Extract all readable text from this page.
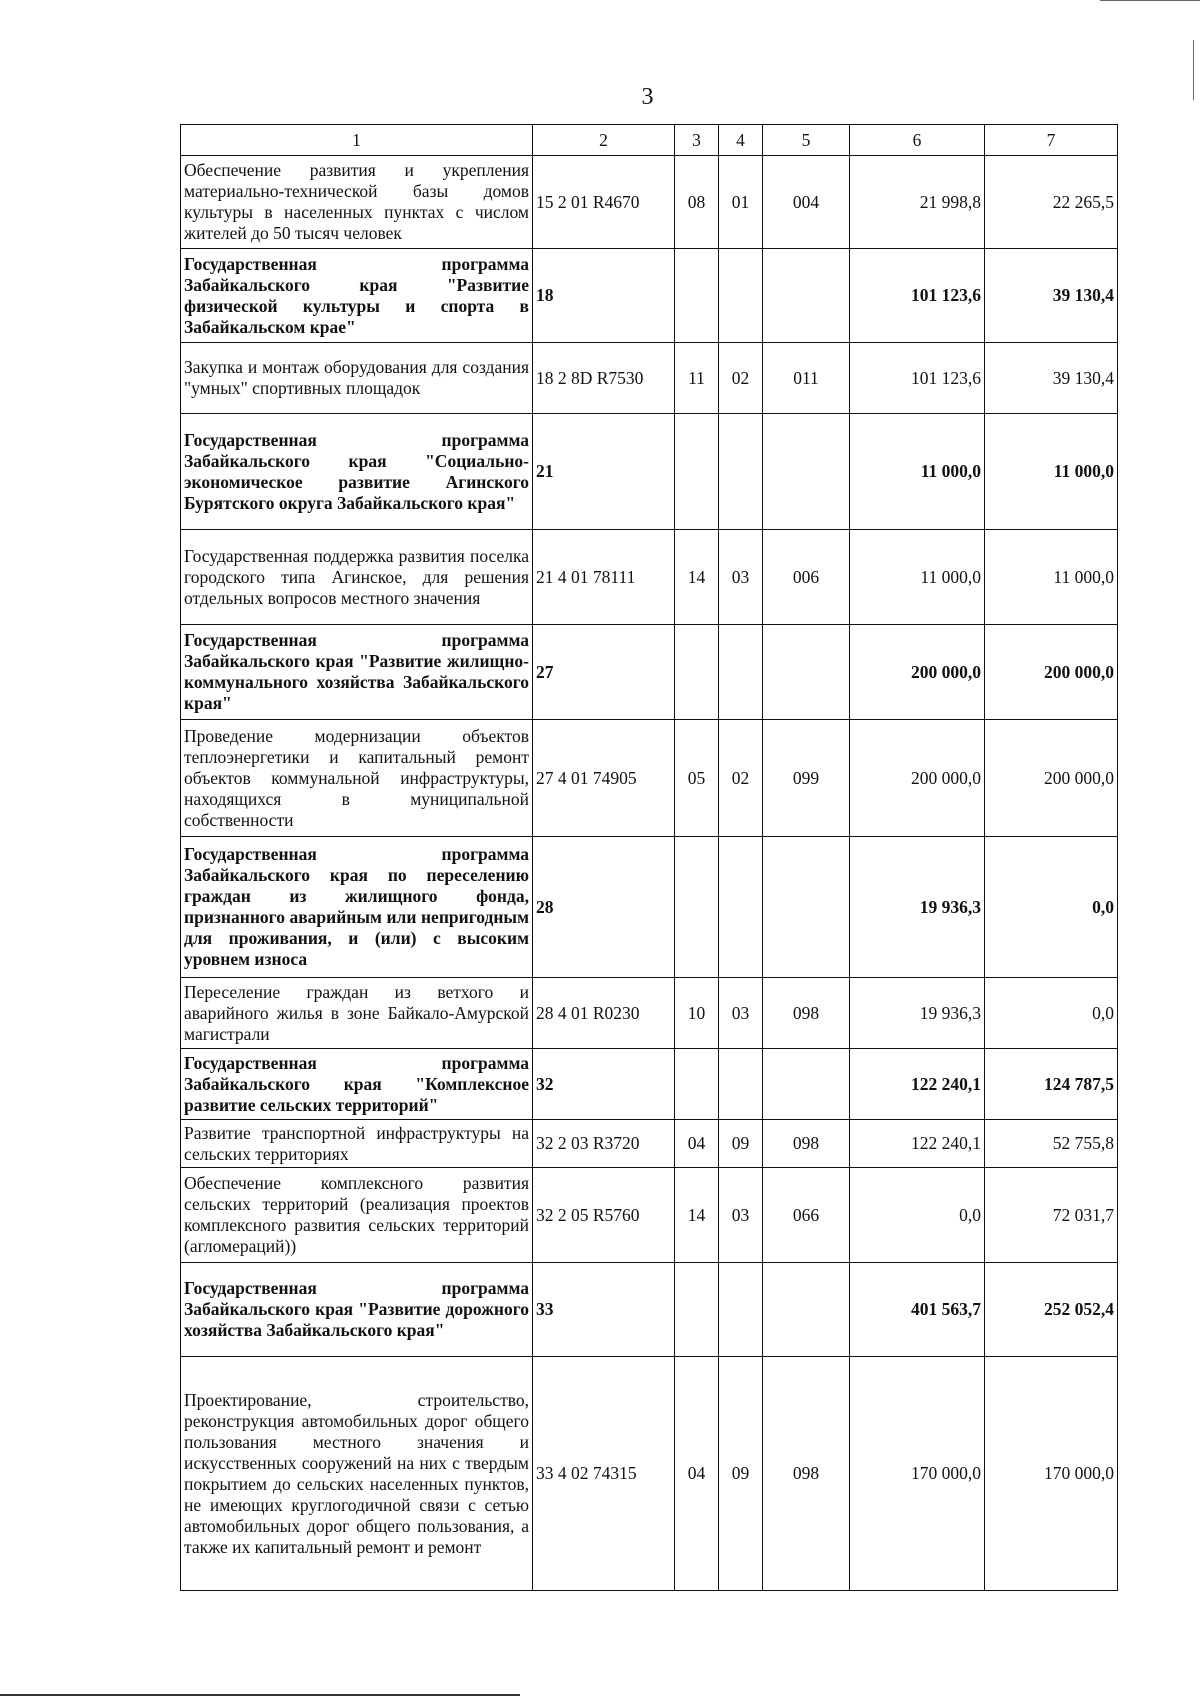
3
1	2	3	4	5	6	7
Обеспечение развития и укрепления материально-технической базы домов культуры в населенных пунктах с числом жителей до 50 тысяч человек	15 2 01 R4670	08	01	004	21 998,8	22 265,5
Государственная программа Забайкальского края "Развитие физической культуры и спорта в Забайкальском крае"	18				101 123,6	39 130,4
Закупка и монтаж оборудования для создания "умных" спортивных площадок	18 2 8D R7530	11	02	011	101 123,6	39 130,4
Государственная программа Забайкальского края "Социально-экономическое развитие Агинского Бурятского округа Забайкальского края"	21				11 000,0	11 000,0
Государственная поддержка развития поселка городского типа Агинское, для решения отдельных вопросов местного значения	21 4 01 78111	14	03	006	11 000,0	11 000,0
Государственная программа Забайкальского края "Развитие жилищно-коммунального хозяйства Забайкальского края"	27				200 000,0	200 000,0
Проведение модернизации объектов теплоэнергетики и капитальный ремонт объектов коммунальной инфраструктуры, находящихся в муниципальной собственности	27 4 01 74905	05	02	099	200 000,0	200 000,0
Государственная программа Забайкальского края по переселению граждан из жилищного фонда, признанного аварийным или непригодным для проживания, и (или) с высоким уровнем износа	28				19 936,3	0,0
Переселение граждан из ветхого и аварийного жилья в зоне Байкало-Амурской магистрали	28 4 01 R0230	10	03	098	19 936,3	0,0
Государственная программа Забайкальского края "Комплексное развитие сельских территорий"	32				122 240,1	124 787,5
Развитие транспортной инфраструктуры на сельских территориях	32 2 03 R3720	04	09	098	122 240,1	52 755,8
Обеспечение комплексного развития сельских территорий (реализация проектов комплексного развития сельских территорий (агломераций))	32 2 05 R5760	14	03	066	0,0	72 031,7
Государственная программа Забайкальского края "Развитие дорожного хозяйства Забайкальского края"	33				401 563,7	252 052,4
Проектирование, строительство, реконструкция автомобильных дорог общего пользования местного значения и искусственных сооружений на них с твердым покрытием до сельских населенных пунктов, не имеющих круглогодичной связи с сетью автомобильных дорог общего пользования, а также их капитальный ремонт и ремонт	33 4 02 74315	04	09	098	170 000,0	170 000,0
